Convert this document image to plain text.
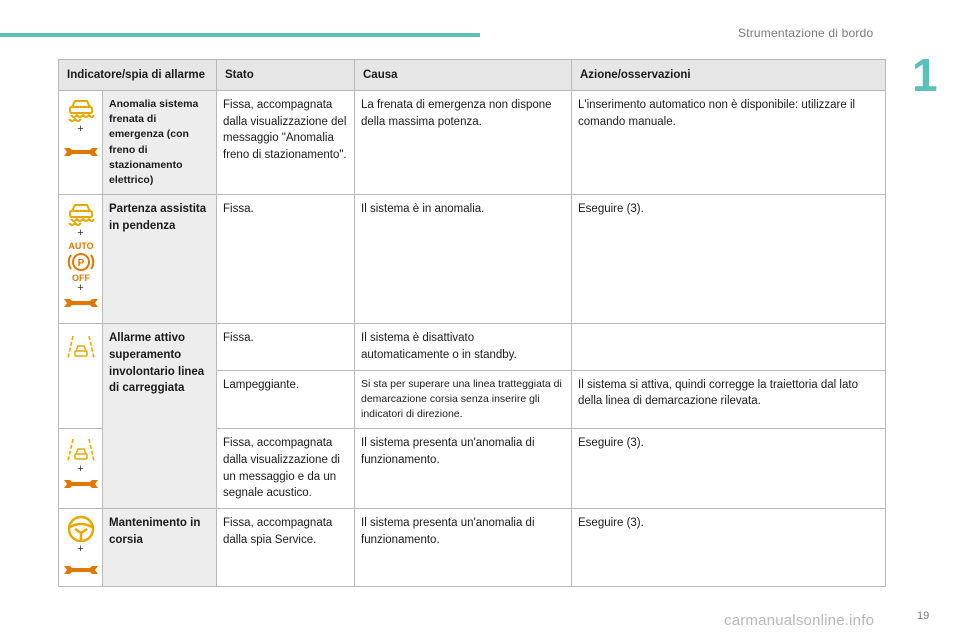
Strumentazione di bordo
1
Indicatore/spia di allarme		Stato	Causa	Azione/osservazioni

+	Anomalia sistema frenata di emergenza (con freno di stazionamento elettrico)	Fissa, accompagnata dalla visualizzazione del messaggio "Anomalia freno di stazionamento".	La frenata di emergenza non dispone della massima potenza.	L'inserimento automatico non è disponibile: utilizzare il comando manuale.

+
AUTO
P
OFF
+	Partenza assistita in pendenza	Fissa.	Il sistema è in anomalia.	Eseguire (3).

	Allarme attivo superamento involontario linea di carreggiata	Fissa.	Il sistema è disattivato automaticamente o in standby.	
		Lampeggiante.	Si sta per superare una linea tratteggiata di demarcazione corsia senza inserire gli indicatori di direzione.	Il sistema si attiva, quindi corregge la traiettoria dal lato della linea di demarcazione rilevata.

+		Fissa, accompagnata dalla visualizzazione di un messaggio e da un segnale acustico.	Il sistema presenta un'anomalia di funzionamento.	Eseguire (3).

+	Mantenimento in corsia	Fissa, accompagnata dalla spia Service.	Il sistema presenta un'anomalia di funzionamento.	Eseguire (3).
carmanualsonline.info	19
